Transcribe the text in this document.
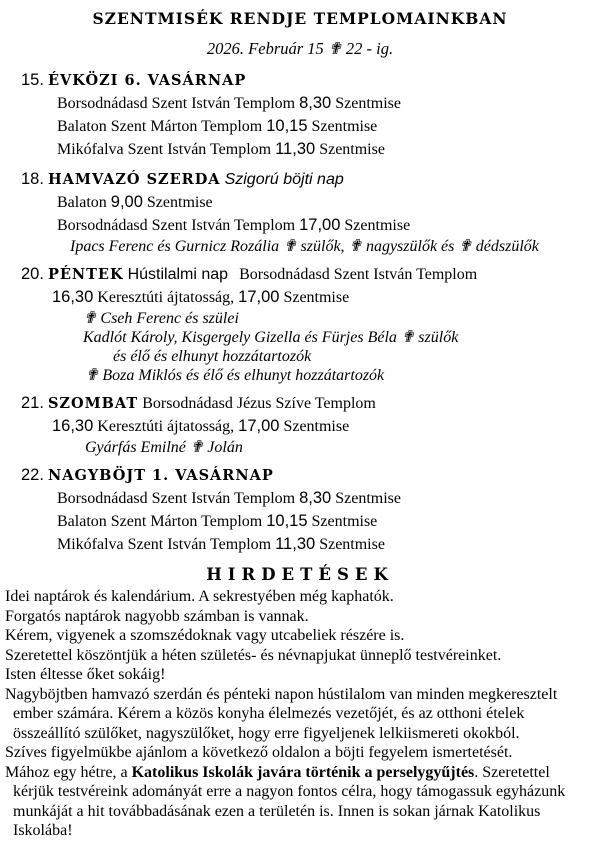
SZENTMISÉK RENDJE TEMPLOMAINKBAN
2026. Február 15 ✟ 22 - ig.
15. ÉVKÖZI 6. VASÁRNAP
Borsodnádasd Szent István Templom 8,30 Szentmise
Balaton Szent Márton Templom 10,15 Szentmise
Mikófalva Szent István Templom 11,30 Szentmise
18. HAMVAZÓ SZERDA Szigorú böjti nap
Balaton 9,00 Szentmise
Borsodnádasd Szent István Templom 17,00 Szentmise
Ipacs Ferenc és Gurnicz Rozália ✟ szülők, ✟ nagyszülők és ✟ dédszülők
20. PÉNTEK Hústilalmi nap Borsodnádasd Szent István Templom
16,30 Keresztúti ájtatosság, 17,00 Szentmise
✟ Cseh Ferenc és szülei
Kadlót Károly, Kisgergely Gizella és Fürjes Béla ✟ szülők
és élő és elhunyt hozzátartozók
✟ Boza Miklós és élő és elhunyt hozzátartozók
21. SZOMBAT Borsodnádasd Jézus Szíve Templom
16,30 Keresztúti ájtatosság, 17,00 Szentmise
Gyárfás Emilné ✟ Jolán
22. NAGYBÖJT 1. VASÁRNAP
Borsodnádasd Szent István Templom 8,30 Szentmise
Balaton Szent Márton Templom 10,15 Szentmise
Mikófalva Szent István Templom 11,30 Szentmise
HIRDETÉSEK
Idei naptárok és kalendárium. A sekrestyében még kaphatók.
Forgatós naptárok nagyobb számban is vannak.
Kérem, vigyenek a szomszédoknak vagy utcabeliek részére is.
Szeretettel köszöntjük a héten születés- és névnapjukat ünneplő testvéreinket.
Isten éltesse őket sokáig!
Nagyböjtben hamvazó szerdán és pénteki napon hústilalom van minden megkeresztelt
ember számára. Kérem a közös konyha élelmezés vezetőjét, és az otthoni ételek
összeállító szülőket, nagyszülőket, hogy erre figyeljenek lelkiismereti okokból.
Szíves figyelmükbe ajánlom a következő oldalon a böjti fegyelem ismertetését.
Mához egy hétre, a Katolikus Iskolák javára történik a perselygyűjtés. Szeretettel
kérjük testvéreink adományát erre a nagyon fontos célra, hogy támogassuk egyházunk
munkáját a hit továbbadásának ezen a területén is. Innen is sokan járnak Katolikus
Iskolába!
